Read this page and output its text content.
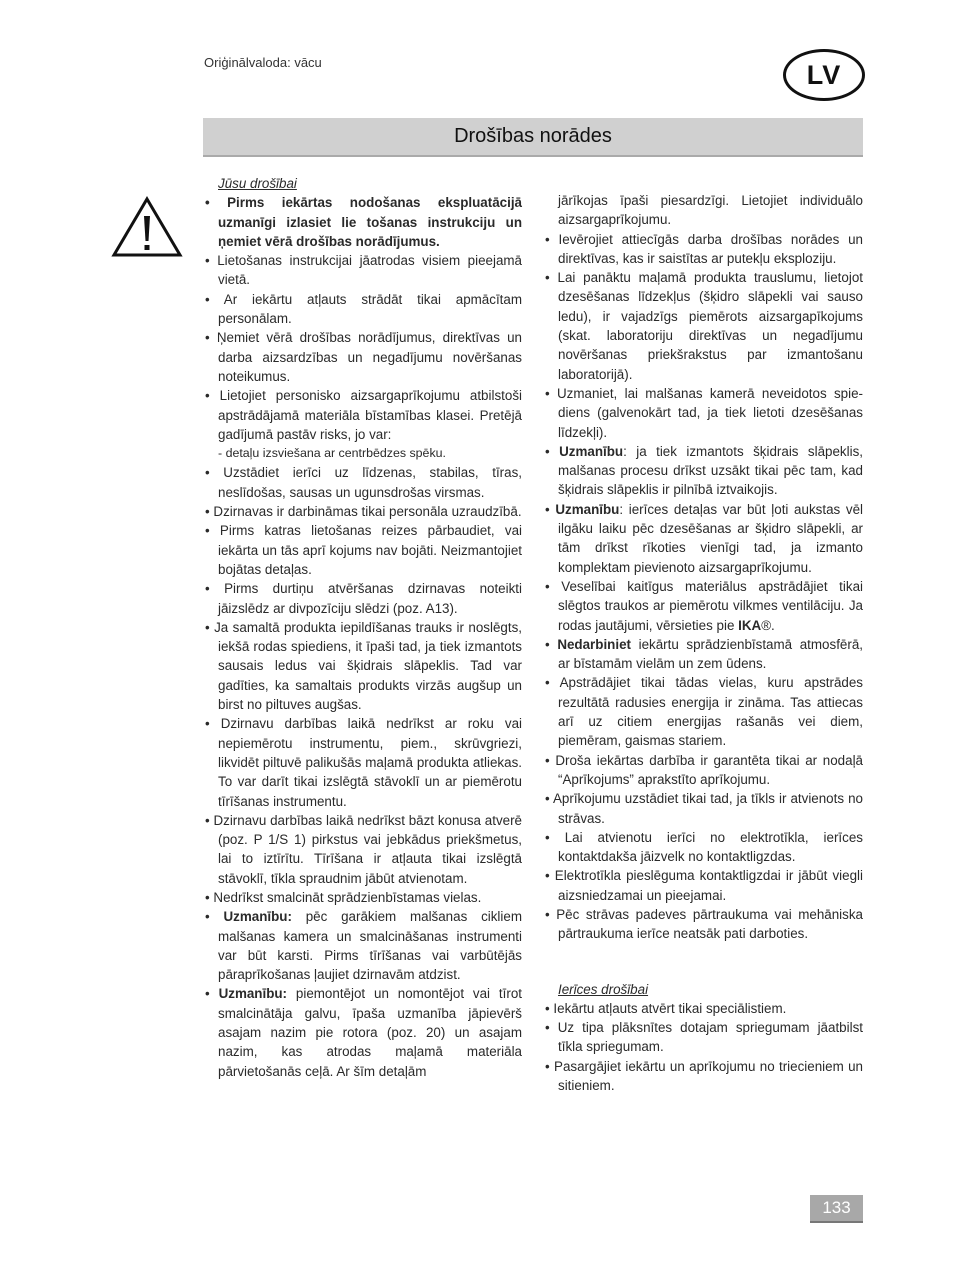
Oriģinālvaloda: vācu	LV
Drošības norādes
Jūsu drošībai
• Pirms iekārtas nodošanas ekspluatācijā uzmanīgi izlasiet lie tošanas instrukciju un ņemiet vērā drošības norādījumus.
• Lietošanas instrukcijai jāatrodas visiem pieejamā vietā.
• Ar iekārtu atļauts strādāt tikai apmācītam personālam.
• Ņemiet vērā drošības norādījumus, direktīvas un darba aizsardzības un negadījumu novēršanas noteikumus.
• Lietojiet personisko aizsargaprīkojumu atbilstoši apstrādājamā materiāla bīstamības klasei. Pretējā gadījumā pastāv risks, jo var:
- detaļu izsviešana ar centrbēdzes spēku.
• Uzstādiet ierīci uz līdzenas, stabilas, tīras, neslīdošas, sausas un ugunsdrošas virsmas.
• Dzirnavas ir darbināmas tikai personāla uzraudzībā.
• Pirms katras lietošanas reizes pārbaudiet, vai iekārta un tās aprī kojums nav bojāti. Neizmantojiet bojātas detaļas.
• Pirms durtiņu atvēršanas dzirnavas noteikti jāizslēdz ar divpozīciju slēdzi (poz. A13).
• Ja samaltā produkta iepildīšanas trauks ir noslēgts, iekšā rodas spiediens, it īpaši tad, ja tiek izmantots sausais ledus vai šķidrais slāpeklis. Tad var gadīties, ka samaltais produkts virzās augšup un birst no piltuves augšas.
• Dzirnavu darbības laikā nedrīkst ar roku vai nepiemērotu instrumentu, piem., skrūvgriezi, likvidēt piltuvē palikušās maļamā produkta atliekas. To var darīt tikai izslēgtā stāvoklī un ar piemērotu tīrīšanas instrumentu.
• Dzirnavu darbības laikā nedrīkst bāzt konusa atverē (poz. P 1/S 1) pirkstus vai jebkādus priekšmetus, lai to iztīrītu. Tīrīšana ir atļauta tikai izslēgtā stāvoklī, tīkla spraudnim jābūt atvienotam.
• Nedrīkst smalcināt sprādzienbīstamas vielas.
• Uzmanību: pēc garākiem malšanas cikliem malšanas kamera un smalcināšanas instrumenti var būt karsti. Pirms tīrīšanas vai varbūtējās pāraprīkošanas ļaujiet dzirnavām atdzist.
• Uzmanību: piemontējot un nomontējot vai tīrot smalcinātāja galvu, īpaša uzmanība jāpievērš asajam nazim pie rotora (poz. 20) un asajam nazim, kas atrodas maļamā materiāla pārvietošanās ceļā. Ar šīm detaļām
jārīkojas īpaši piesardzīgi. Lietojiet individuālo aizsargaprīkojumu.
• Ievērojiet attiecīgās darba drošības norādes un direktīvas, kas ir saistītas ar putekļu eksploziju.
• Lai panāktu maļamā produkta trauslumu, lietojot dzesēšanas līdzekļus (šķidro slāpekli vai sauso ledu), ir vajadzīgs piemērots aizsargapīkojums (skat. laboratoriju direktīvas un negadījumu novēršanas priekšrakstus par izmantošanu laboratorijā).
• Uzmaniet, lai malšanas kamerā neveidotos spiediens (galvenokārt tad, ja tiek lietoti dzesēšanas līdzekļi).
• Uzmanību: ja tiek izmantots šķidrais slāpeklis, malšanas procesu drīkst uzsākt tikai pēc tam, kad šķidrais slāpeklis ir pilnībā iztvaikojis.
• Uzmanību: ierīces detaļas var būt ļoti aukstas vēl ilgāku laiku pēc dzesēšanas ar šķidro slāpekli, ar tām drīkst rīkoties vienīgi tad, ja izmanto komplektam pievienoto aizsargaprīkojumu.
• Veselībai kaitīgus materiālus apstrādājiet tikai slēgtos traukos ar piemērotu vilkmes ventilāciju. Ja rodas jautājumi, vērsieties pie IKA®.
• Nedarbiniet iekārtu sprādzienbīstamā atmosfērā, ar bīstamām vielām un zem ūdens.
• Apstrādājiet tikai tādas vielas, kuru apstrādes rezultātā radusies energija ir zināma. Tas attiecas arī uz citiem energijas rašanās vei diem, piemēram, gaismas stariem.
• Droša iekārtas darbība ir garantēta tikai ar nodaļā “Aprīkojums” aprakstīto aprīkojumu.
• Aprīkojumu uzstādiet tikai tad, ja tīkls ir atvienots no strāvas.
• Lai atvienotu ierīci no elektrotīkla, ierīces kontaktdakša jāizvelk no kontaktligzdas.
• Elektrotīkla pieslēguma kontaktligzdai ir jābūt viegli aizsniedzamai un pieejamai.
• Pēc strāvas padeves pārtraukuma vai mehāniska pārtraukuma ierīce neatsāk pati darboties.
Ierīces drošībai
• Iekārtu atļauts atvērt tikai speciālistiem.
• Uz tipa plāksnītes dotajam spriegumam jāatbilst tīkla spriegumam.
• Pasargājiet iekārtu un aprīkojumu no triecieniem un sitieniem.
133
